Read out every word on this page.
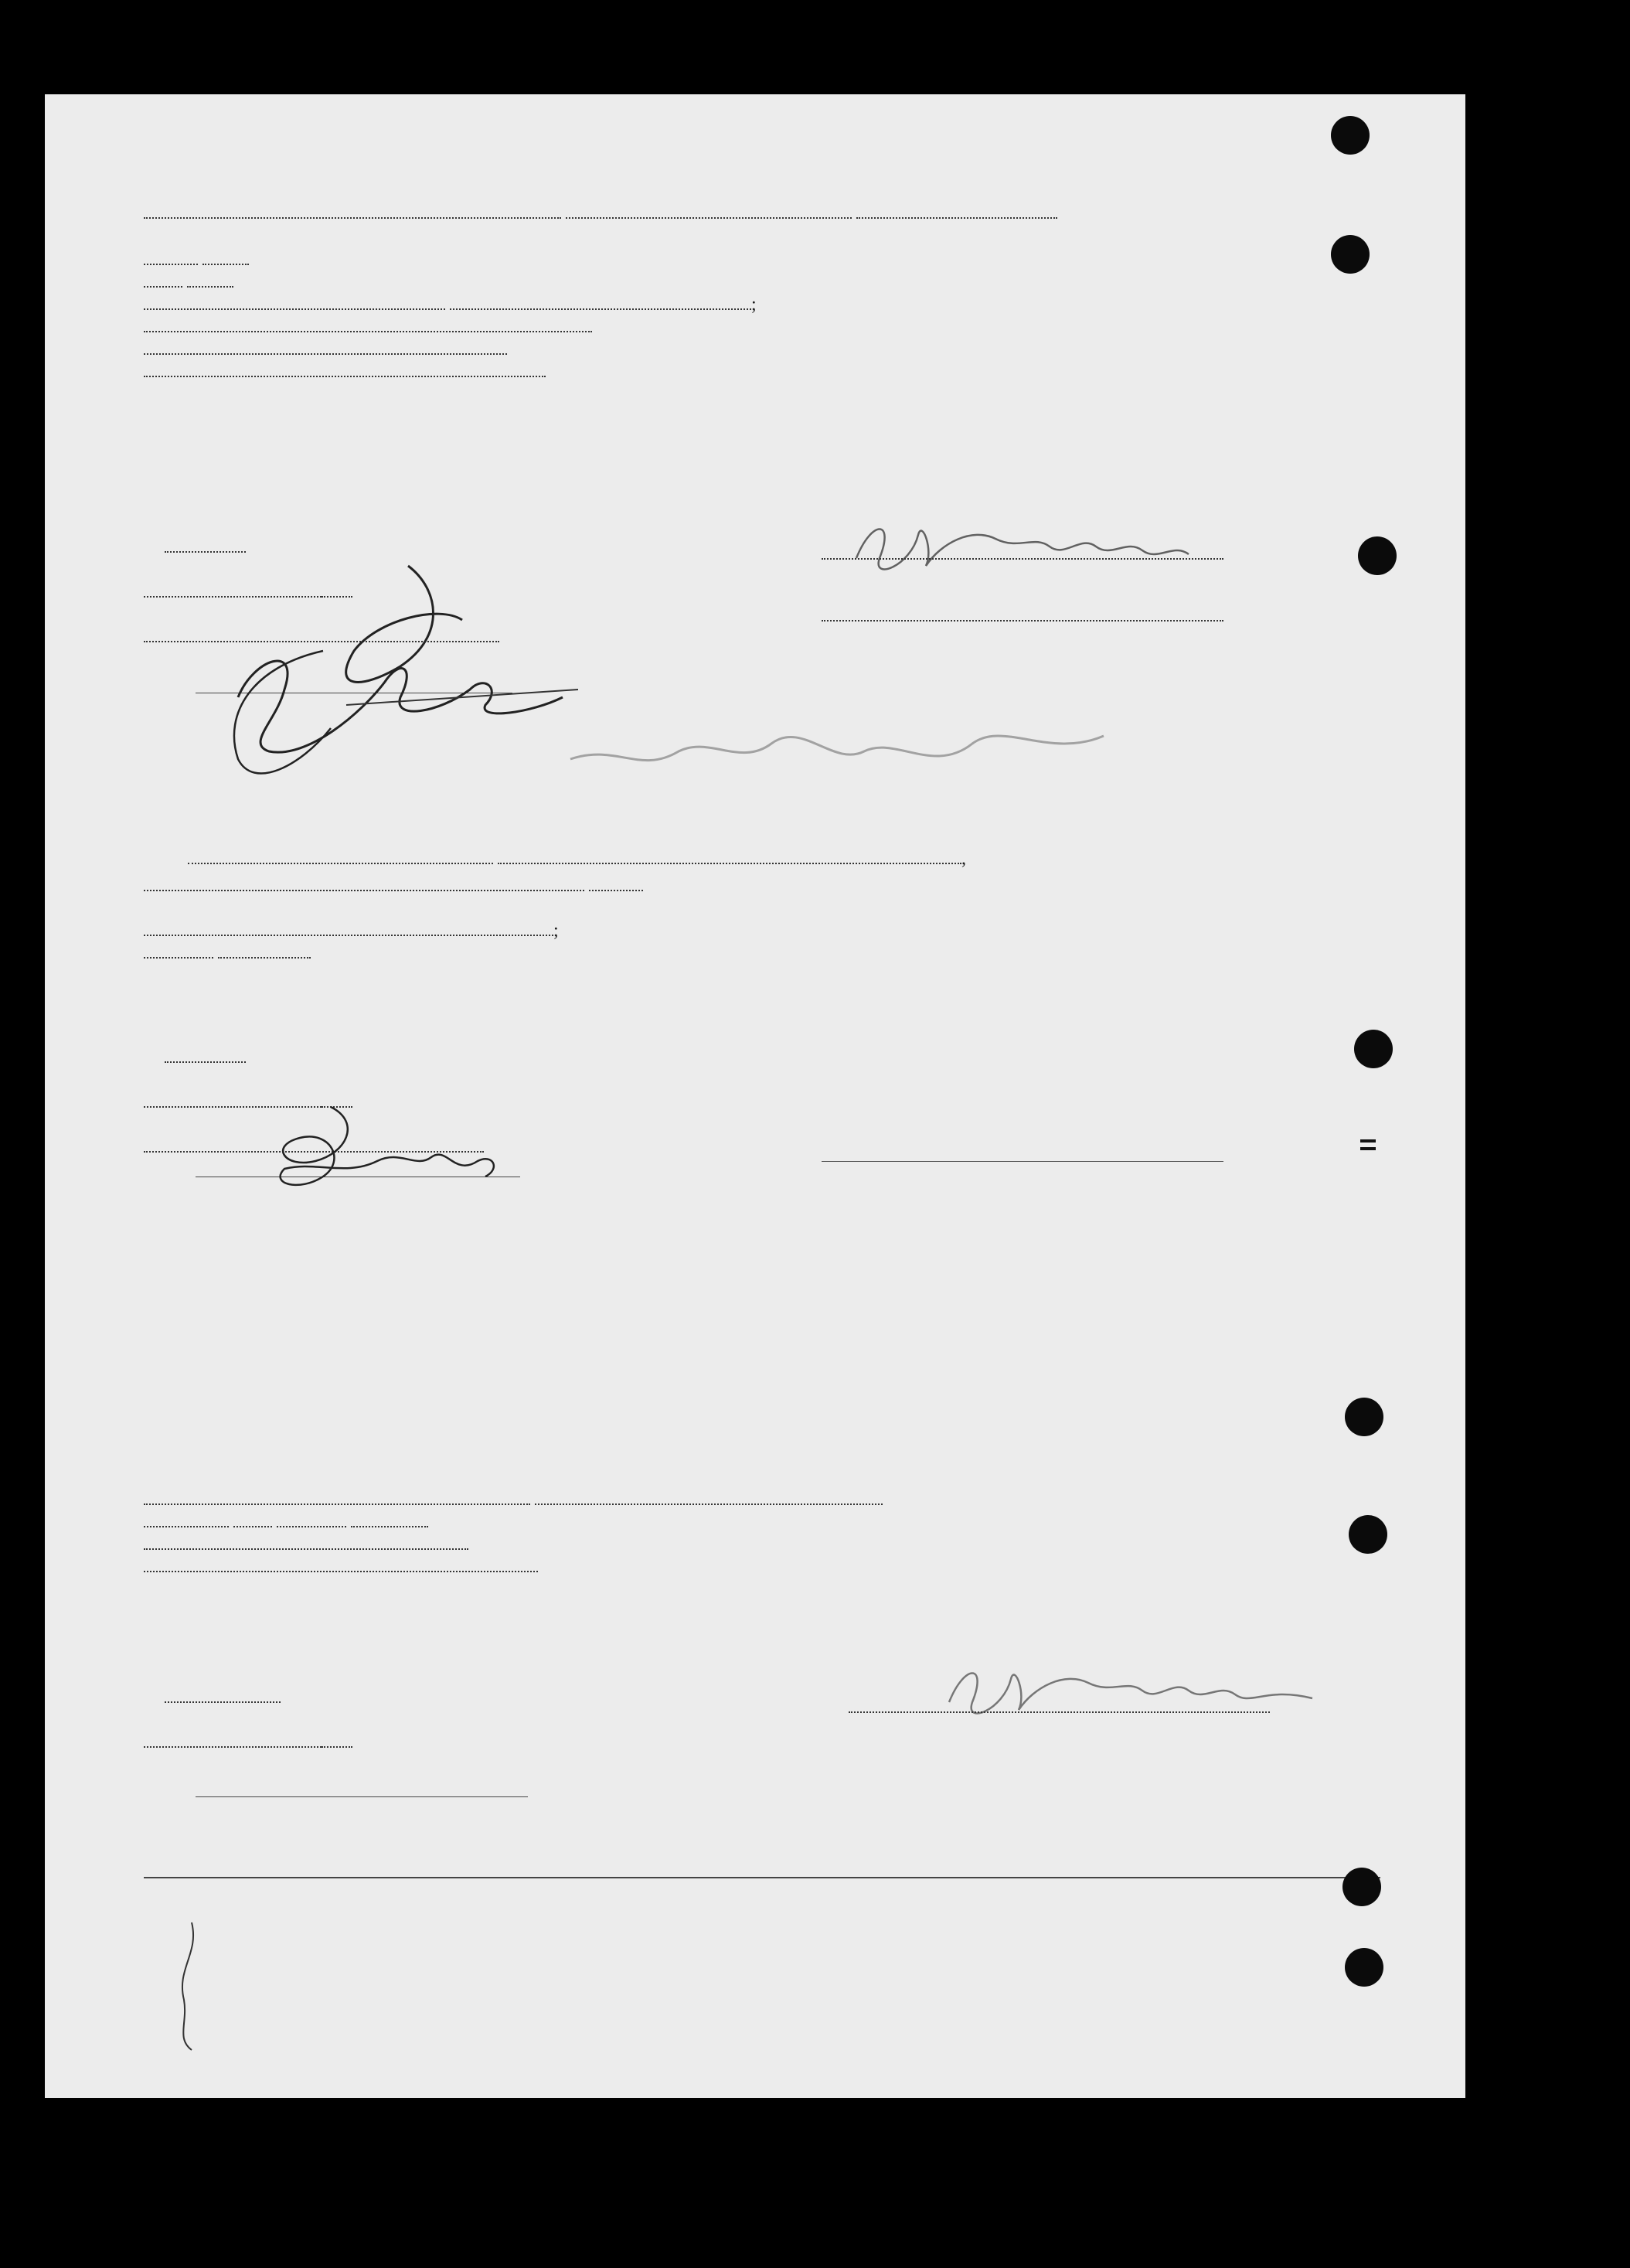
;
,

;
